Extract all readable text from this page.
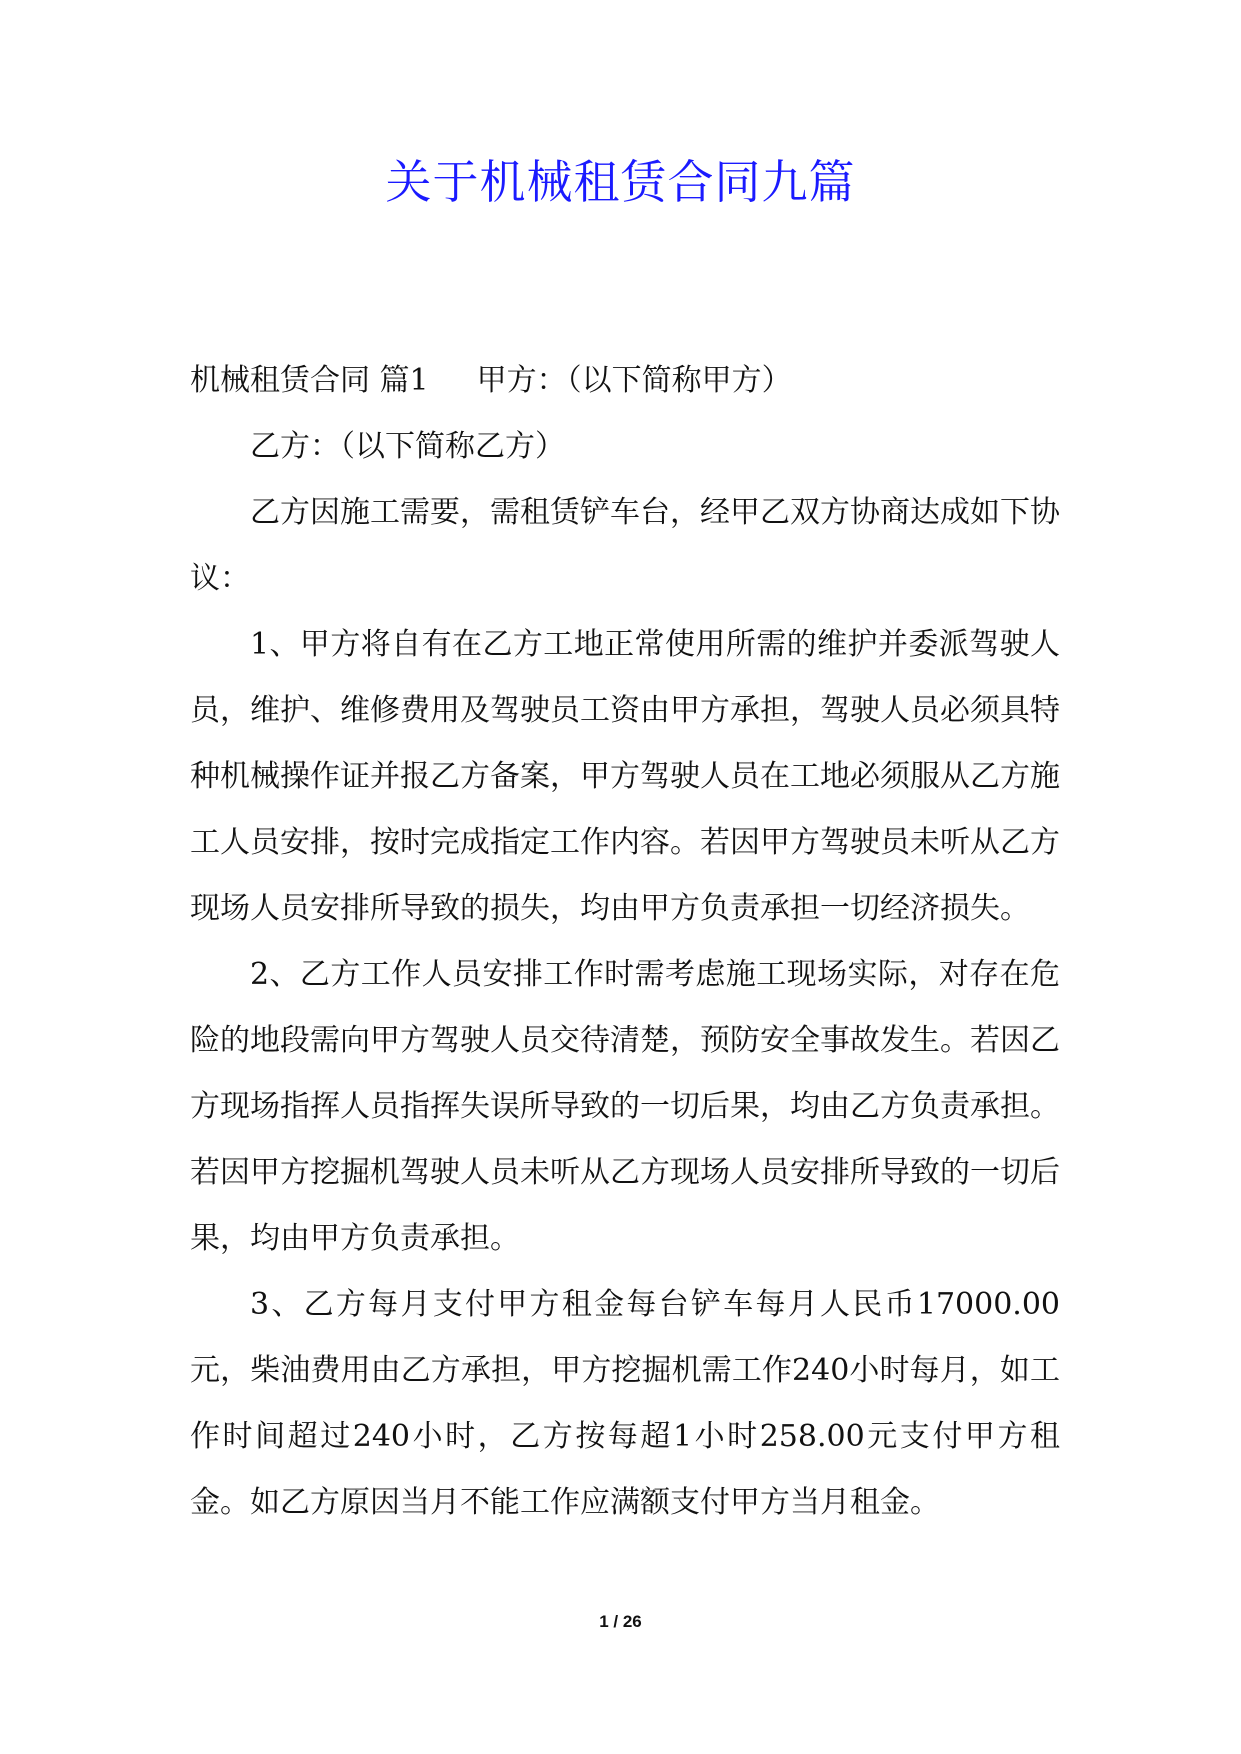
关于机械租赁合同九篇

机械租赁合同 篇1 甲方：（以下简称甲方）

乙方：（以下简称乙方）

乙方因施工需要，需租赁铲车台，经甲乙双方协商达成如下协议：

1、甲方将自有在乙方工地正常使用所需的维护并委派驾驶人员，维护、维修费用及驾驶员工资由甲方承担，驾驶人员必须具特种机械操作证并报乙方备案，甲方驾驶人员在工地必须服从乙方施工人员安排，按时完成指定工作内容。若因甲方驾驶员未听从乙方现场人员安排所导致的损失，均由甲方负责承担一切经济损失。

2、乙方工作人员安排工作时需考虑施工现场实际，对存在危险的地段需向甲方驾驶人员交待清楚，预防安全事故发生。若因乙方现场指挥人员指挥失误所导致的一切后果，均由乙方负责承担。若因甲方挖掘机驾驶人员未听从乙方现场人员安排所导致的一切后果，均由甲方负责承担。

3、乙方每月支付甲方租金每台铲车每月人民币17000.00元，柴油费用由乙方承担，甲方挖掘机需工作240小时每月，如工作时间超过240小时，乙方按每超1小时258.00元支付甲方租金。如乙方原因当月不能工作应满额支付甲方当月租金。

1 / 26
